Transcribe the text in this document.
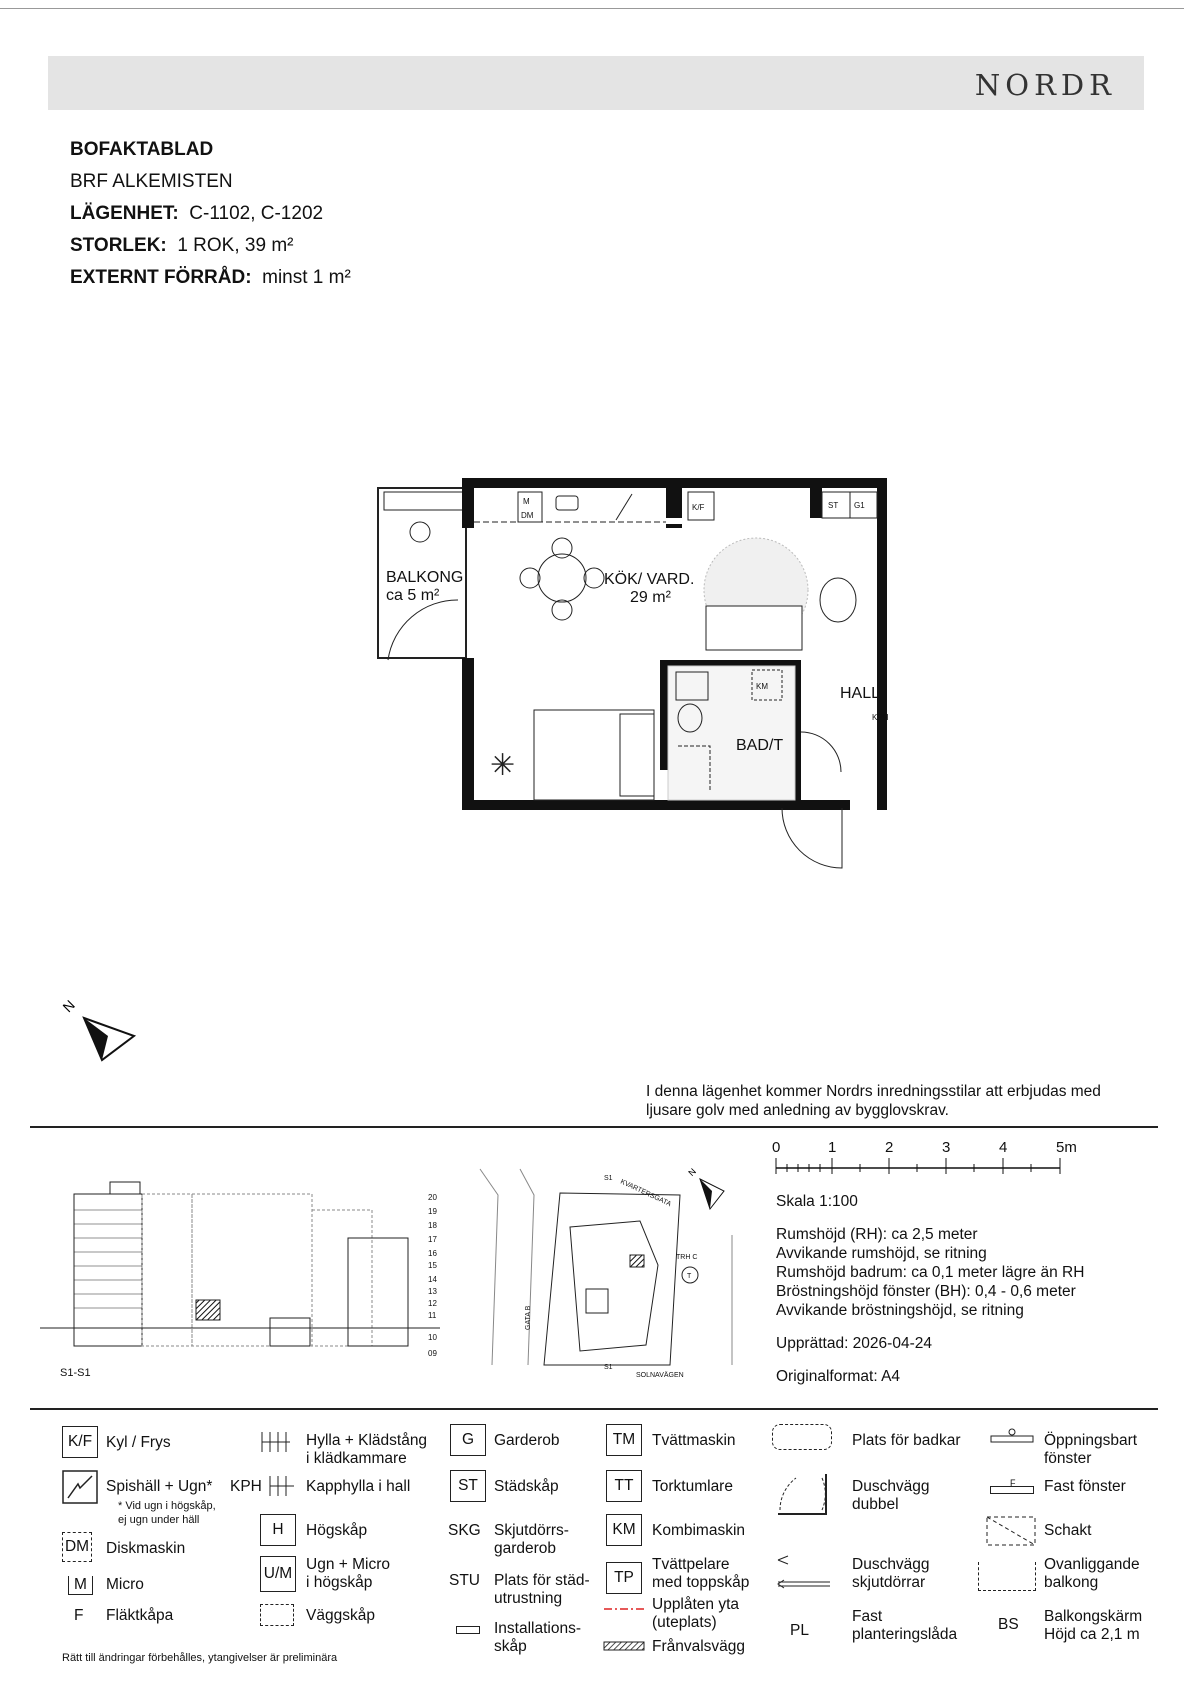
NORDR
BOFAKTABLAD
BRF ALKEMISTEN
LÄGENHET: C-1102, C-1202
STORLEK: 1 ROK, 39 m²
EXTERNT FÖRRÅD: minst 1 m²
M
DM
K/F	ST G1
✳
KM
BALKONG
ca 5 m²
KÖK/ VARD.
29 m²
HALL
KPH
BAD/T
N
I denna lägenhet kommer Nordrs inredningsstilar att erbjudas med ljusare golv med anledning av bygglovskrav.
20
19
18
17
16
15
14
13
12
11
10
09
S1-S1
S1 KVARTERSGATA
GATA B
S1
SOLNAVÄGEN
TRH C
T
N
0	1	2	3	4	5m
Skala 1:100
Rumshöjd (RH): ca 2,5 meter
Avvikande rumshöjd, se ritning
Rumshöjd badrum: ca 0,1 meter lägre än RH
Bröstningshöjd fönster (BH): 0,4 - 0,6 meter
Avvikande bröstningshöjd, se ritning
Upprättad: 2026-04-24
Originalformat: A4
K/F Kyl / Frys
Spishäll + Ugn*
* Vid ugn i högskåp,
ej ugn under häll
DM Diskmaskin
M	Micro
F Fläktkåpa
Hylla + Klädstång
i klädkammare
KPH	Kapphylla i hall
H	Högskåp
U/M
Ugn + Micro
i högskåp
Väggskåp
G	Garderob
ST	Städskåp
SKG Skjutdörrs-
garderob
STU Plats för städ-
utrustning
Installations-
skåp
TM	Tvättmaskin
TT	Torktumlare
KM	Kombimaskin
TP
Tvättpelare
med toppskåp
Upplåten yta
(uteplats)
Frånvalsvägg
Plats för badkar
Duschvägg
dubbel
Duschvägg
skjutdörrar
PL
Fast
planteringslåda
Öppningsbart
fönster
F Fast fönster
Schakt
Ovanliggande
balkong
BS Balkongskärm
Höjd ca 2,1 m
Rätt till ändringar förbehålles, ytangivelser är preliminära
